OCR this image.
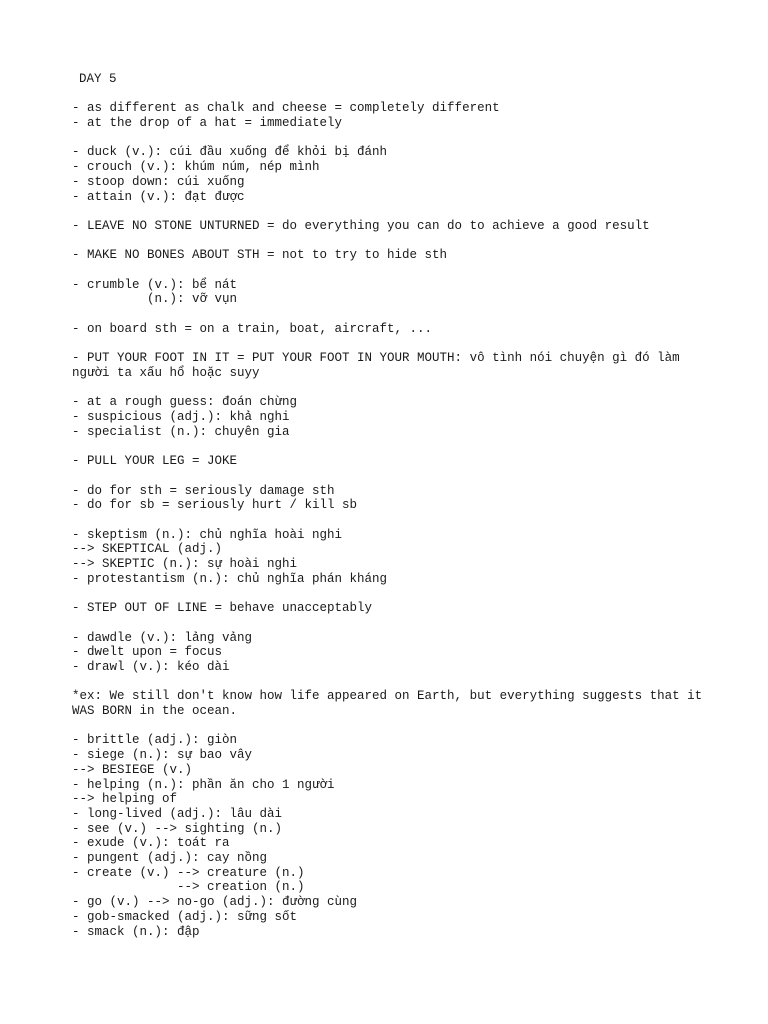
DAY 5
- as different as chalk and cheese = completely different
- at the drop of a hat = immediately
- duck (v.): cúi đầu xuống để khỏi bị đánh
- crouch (v.): khúm núm, nép mình
- stoop down: cúi xuống
- attain (v.): đạt được
- LEAVE NO STONE UNTURNED = do everything you can do to achieve a good result
- MAKE NO BONES ABOUT STH = not to try to hide sth
- crumble (v.): bể nát
(n.): vỡ vụn
- on board sth = on a train, boat, aircraft, ...
- PUT YOUR FOOT IN IT = PUT YOUR FOOT IN YOUR MOUTH: vô tình nói chuyện gì đó làm người ta xấu hổ hoặc suyy
- at a rough guess: đoán chừng
- suspicious (adj.): khả nghi
- specialist (n.): chuyên gia
- PULL YOUR LEG = JOKE
- do for sth = seriously damage sth
- do for sb = seriously hurt / kill sb
- skeptism (n.): chủ nghĩa hoài nghi
--> SKEPTICAL (adj.)
--> SKEPTIC (n.): sự hoài nghi
- protestantism (n.): chủ nghĩa phán kháng
- STEP OUT OF LINE = behave unacceptably
- dawdle (v.): lảng vảng
- dwelt upon = focus
- drawl (v.): kéo dài
*ex: We still don't know how life appeared on Earth, but everything suggests that it WAS BORN in the ocean.
- brittle (adj.): giòn
- siege (n.): sự bao vây
--> BESIEGE (v.)
- helping (n.): phần ăn cho 1 người
--> helping of
- long-lived (adj.): lâu dài
- see (v.) --> sighting (n.)
- exude (v.): toát ra
- pungent (adj.): cay nồng
- create (v.) --> creature (n.)
--> creation (n.)
- go (v.) --> no-go (adj.): đường cùng
- gob-smacked (adj.): sững sốt
- smack (n.): đập
